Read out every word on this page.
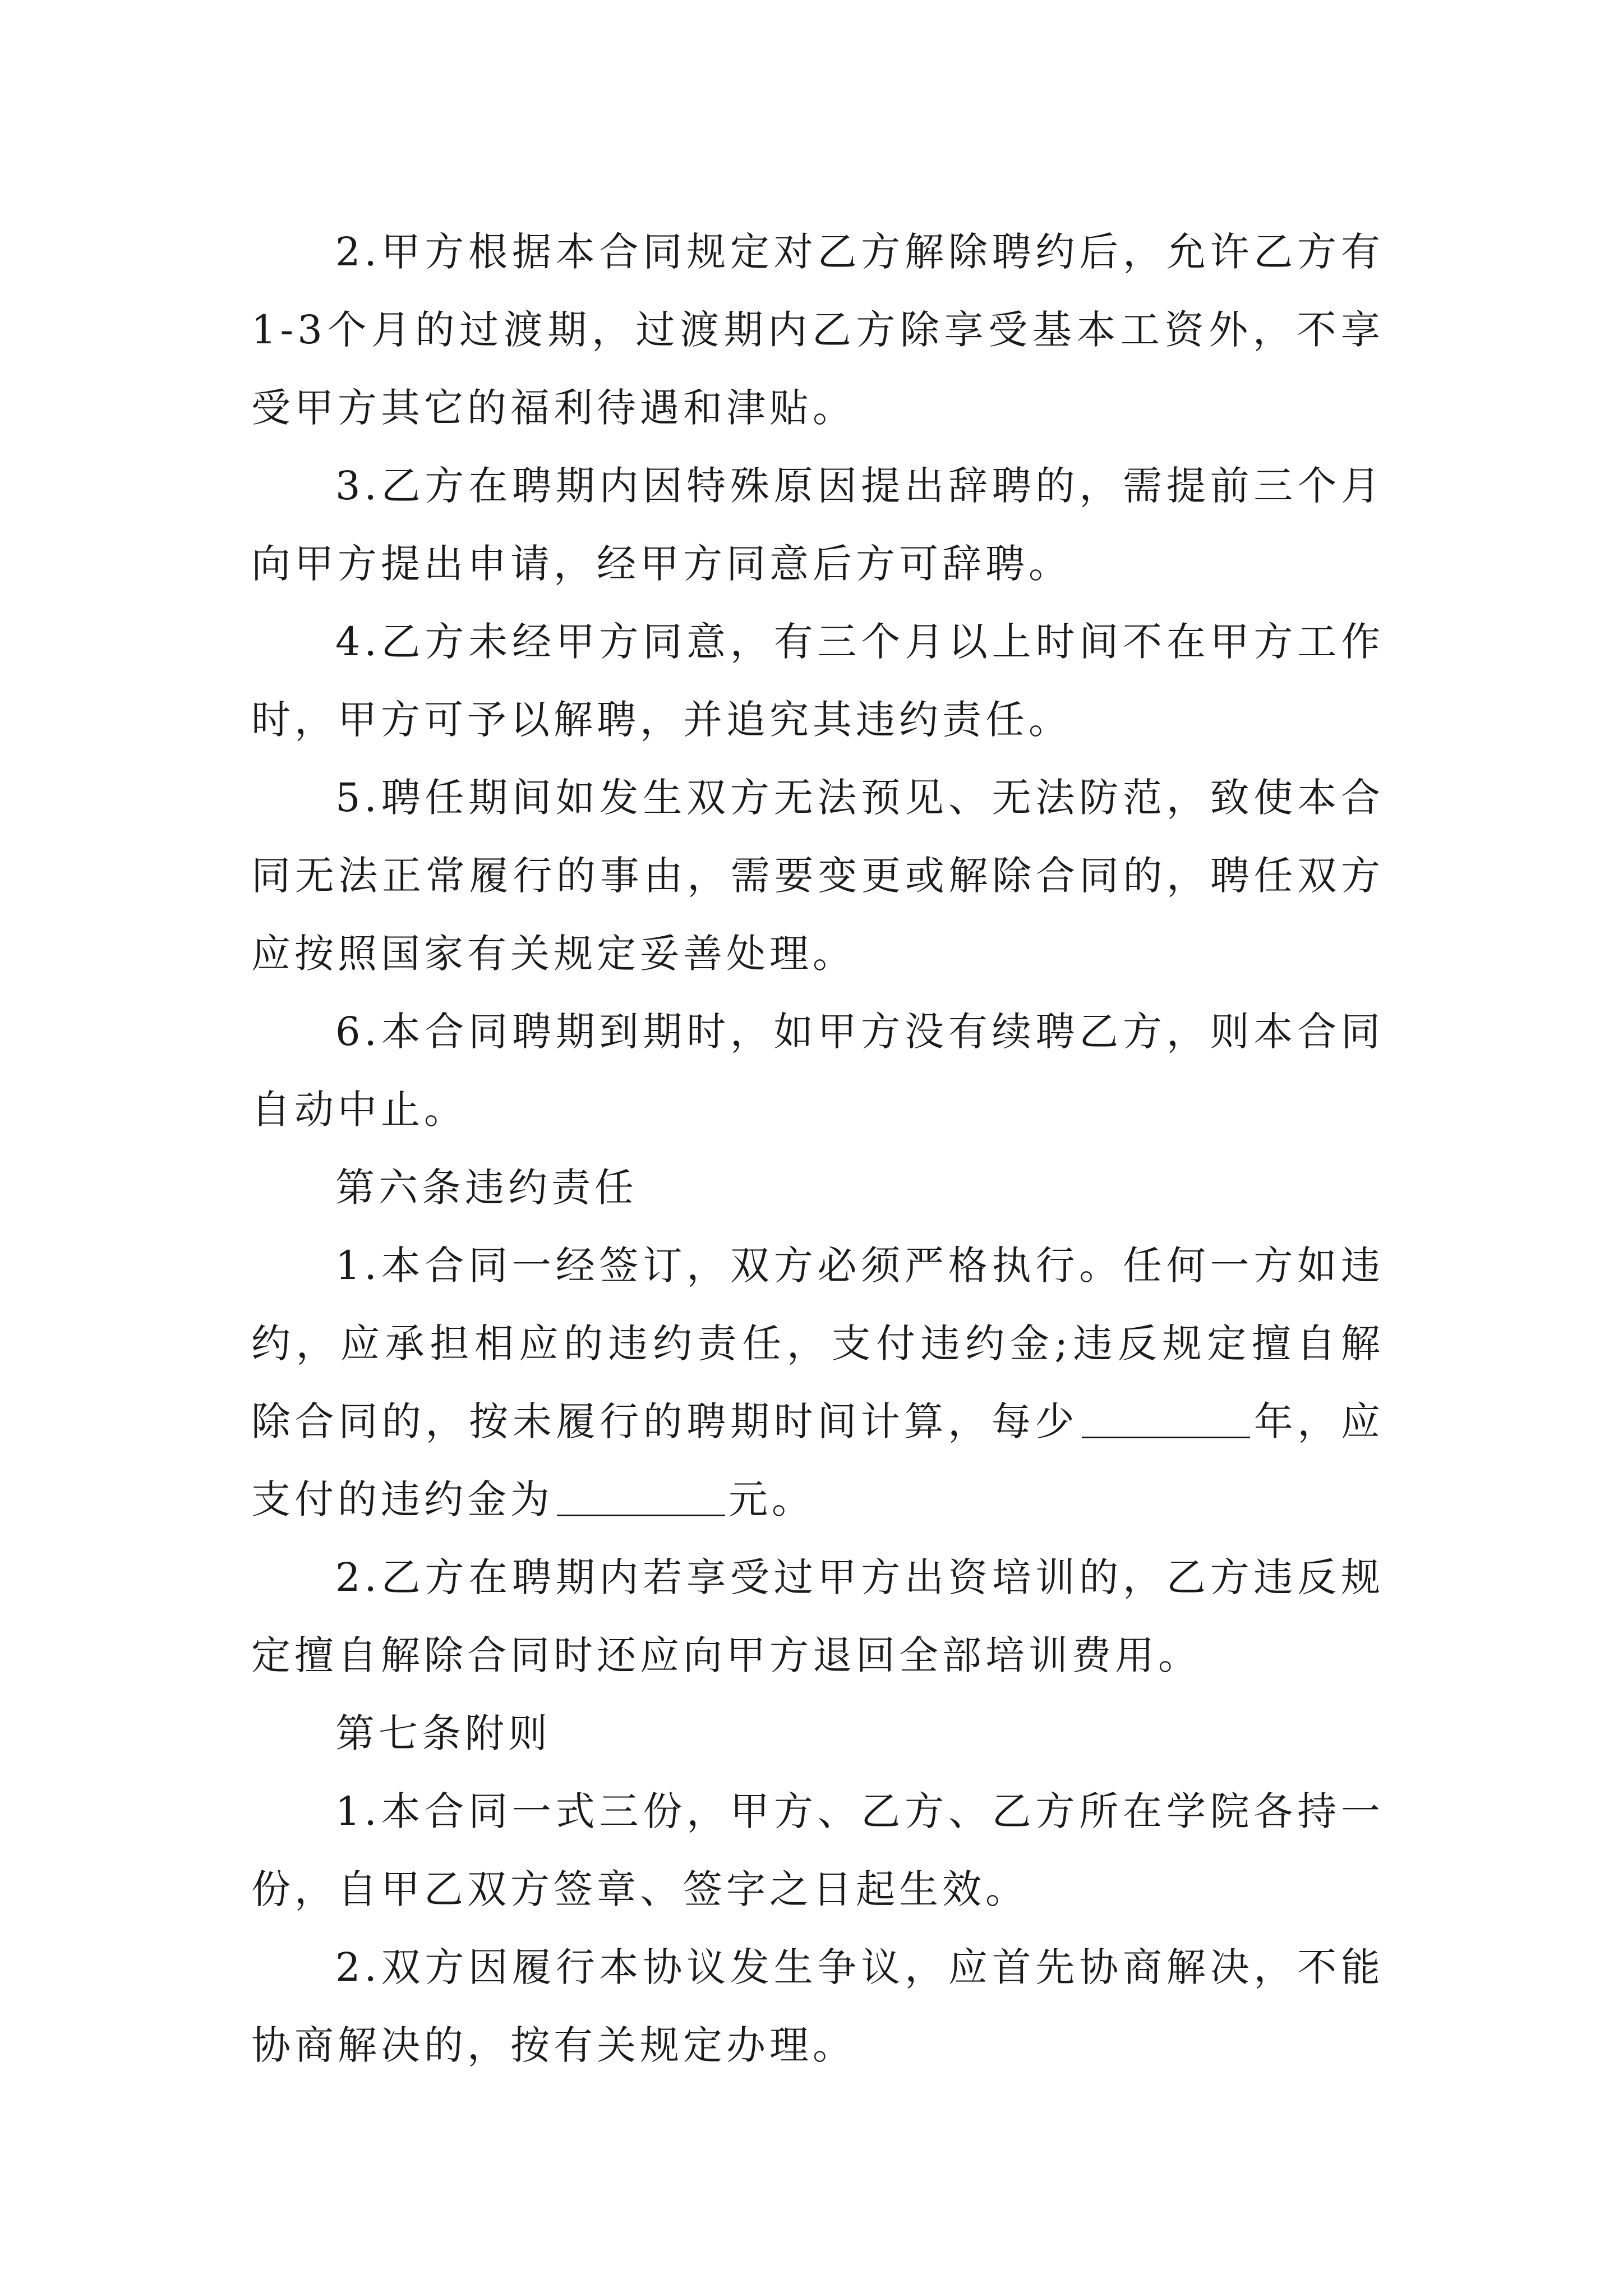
2.甲方根据本合同规定对乙方解除聘约后，允许乙方有1-3个月的过渡期，过渡期内乙方除享受基本工资外，不享受甲方其它的福利待遇和津贴。

3.乙方在聘期内因特殊原因提出辞聘的，需提前三个月向甲方提出申请，经甲方同意后方可辞聘。

4.乙方未经甲方同意，有三个月以上时间不在甲方工作时，甲方可予以解聘，并追究其违约责任。

5.聘任期间如发生双方无法预见、无法防范，致使本合同无法正常履行的事由，需要变更或解除合同的，聘任双方应按照国家有关规定妥善处理。

6.本合同聘期到期时，如甲方没有续聘乙方，则本合同自动中止。

第六条违约责任

1.本合同一经签订，双方必须严格执行。任何一方如违约，应承担相应的违约责任，支付违约金;违反规定擅自解除合同的，按未履行的聘期时间计算，每少	年，应支付的违约金为	元。

2.乙方在聘期内若享受过甲方出资培训的，乙方违反规定擅自解除合同时还应向甲方退回全部培训费用。

第七条附则

1.本合同一式三份，甲方、乙方、乙方所在学院各持一份，自甲乙双方签章、签字之日起生效。

2.双方因履行本协议发生争议，应首先协商解决，不能协商解决的，按有关规定办理。
